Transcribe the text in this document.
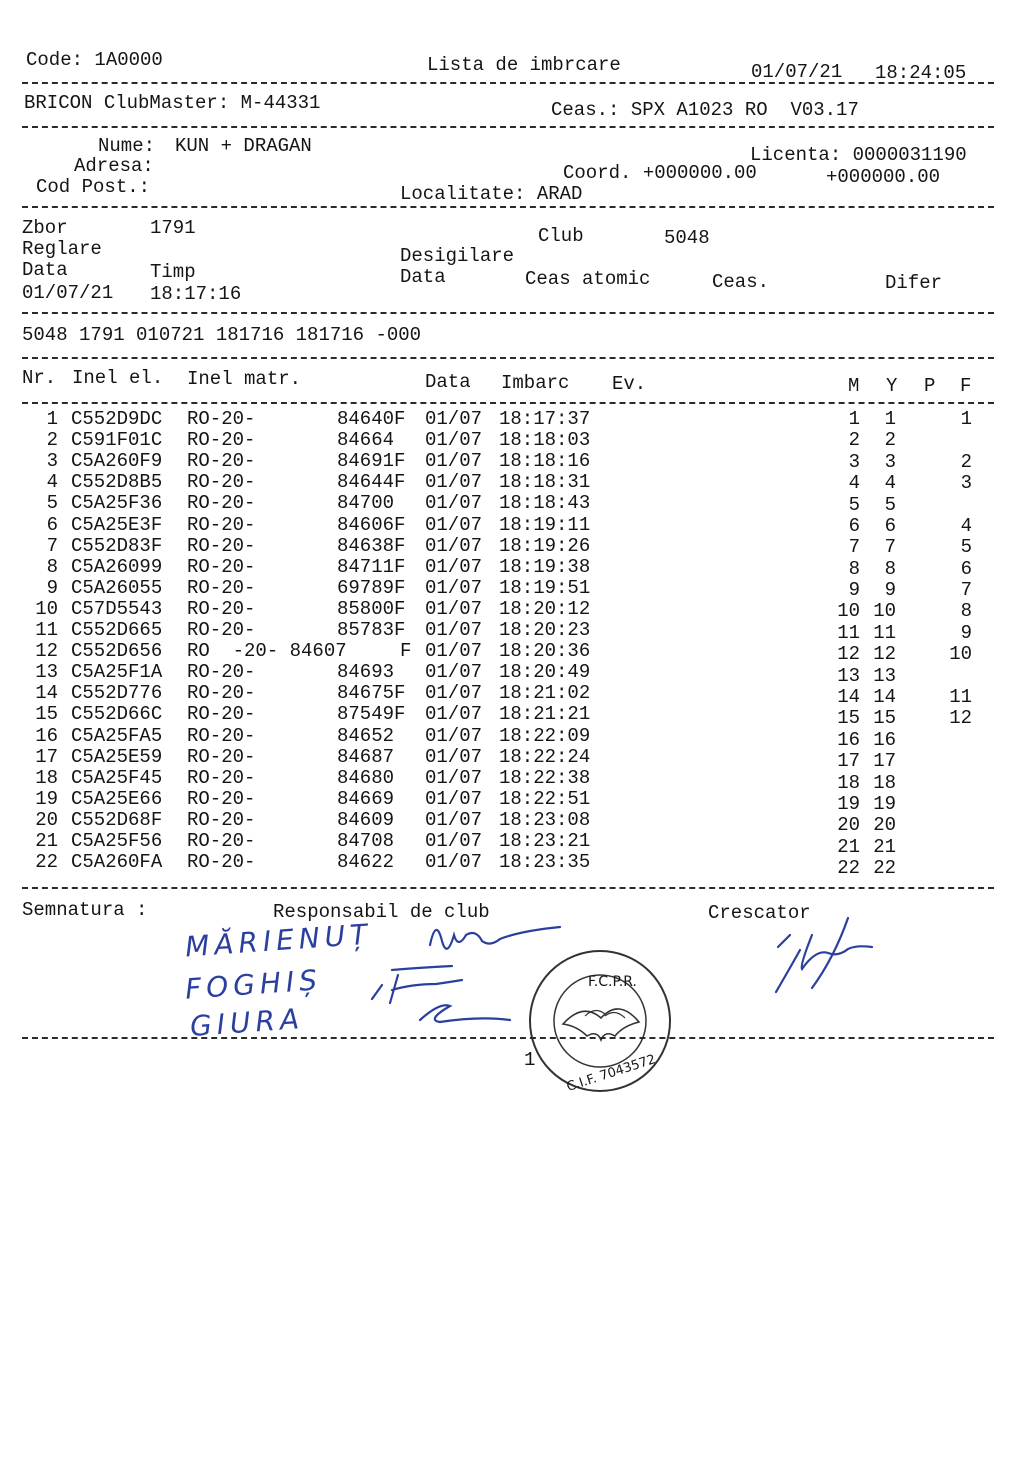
Code: 1A0000	Lista de imbrcare	01/07/21 18:24:05
BRICON ClubMaster: M-44331	Ceas.: SPX A1023 RO  V03.17
Nume: KUN + DRAGAN
Adresa:
Cod Post.:
Licenta: 0000031190
Coord. +000000.00	+000000.00
Localitate: ARAD
Zbor	1791	Club	5048
Reglare	Desigilare
Data	Timp	Data	Ceas atomic	Ceas.	Difer
01/07/21 18:17:16
5048 1791 010721 181716 181716 -000
Nr. Inel el. Inel matr.	Data Imbarc Ev.	M Y P F
1 C552D9DC	RO-20-	84640F	01/07 18:17:37	1	1	1
2 C591F01C	RO-20-	84664	01/07 18:18:03	2	2
3 C5A260F9	RO-20-	84691F	01/07 18:18:16	3	3	2
4 C552D8B5	RO-20-	84644F	01/07 18:18:31	4	4	3
5 C5A25F36	RO-20-	84700	01/07 18:18:43	5	5
6 C5A25E3F	RO-20-	84606F	01/07 18:19:11	6	6	4
7 C552D83F	RO-20-	84638F	01/07 18:19:26	7	7	5
8 C5A26099	RO-20-	84711F	01/07 18:19:38	8	8	6
9 C5A26055	RO-20-	69789F	01/07 18:19:51	9	9	7
10 C57D5543	RO-20-	85800F	01/07 18:20:12	10 10	8
11 C552D665	RO-20-	85783F	01/07 18:20:23	11 11	9
12 C552D656	RO  -20- 84607	F 01/07 18:20:36	12 12	10
13 C5A25F1A	RO-20-	84693	01/07 18:20:49	13 13
14 C552D776	RO-20-	84675F	01/07 18:21:02	14 14	11
15 C552D66C	RO-20-	87549F	01/07 18:21:21	15 15	12
16 C5A25FA5	RO-20-	84652	01/07 18:22:09	16 16
17 C5A25E59	RO-20-	84687	01/07 18:22:24	17 17
18 C5A25F45	RO-20-	84680	01/07 18:22:38	18 18
19 C5A25E66	RO-20-	84669	01/07 18:22:51	19 19
20 C552D68F	RO-20-	84609	01/07 18:23:08	20 20
21 C5A25F56	RO-20-	84708	01/07 18:23:21	21 21
22 C5A260FA	RO-20-	84622	01/07 18:23:35	22 22
Semnatura :	Responsabil de club	Crescator
MĂRIENUȚ
FOGHIȘ
GIURA
F.C.P.R.
C.I.F. 7043572
1
